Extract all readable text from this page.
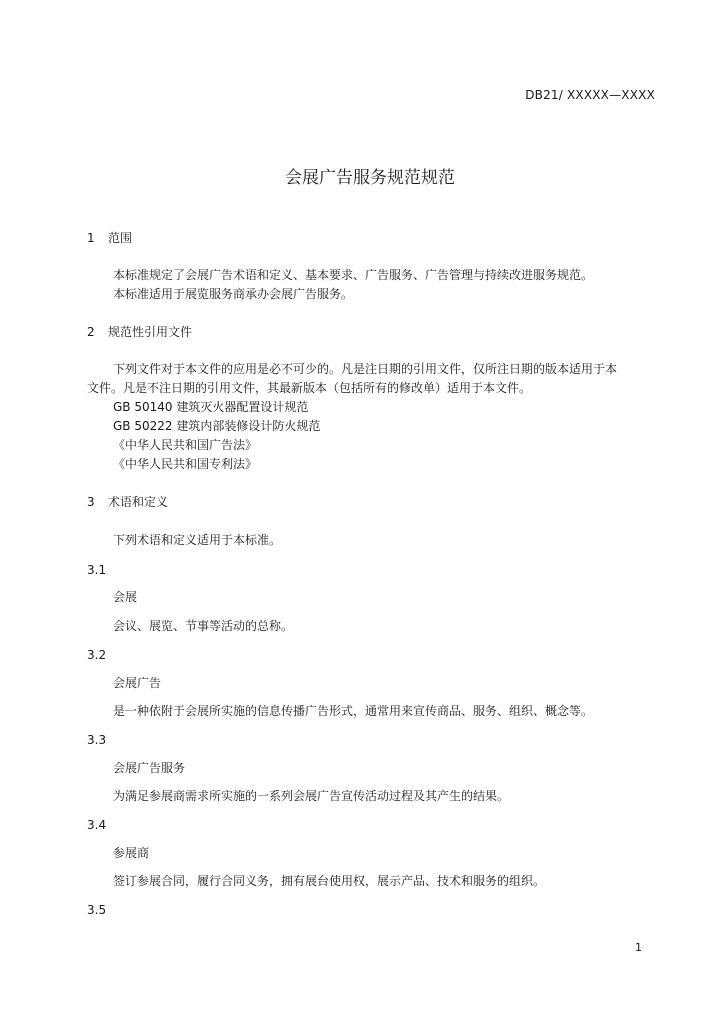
DB21/ XXXXX—XXXX
会展广告服务规范规范
1 范围
本标准规定了会展广告术语和定义、基本要求、广告服务、广告管理与持续改进服务规范。
本标准适用于展览服务商承办会展广告服务。
2 规范性引用文件
下列文件对于本文件的应用是必不可少的。凡是注日期的引用文件，仅所注日期的版本适用于本
文件。凡是不注日期的引用文件，其最新版本（包括所有的修改单）适用于本文件。
GB 50140 建筑灭火器配置设计规范
GB 50222 建筑内部装修设计防火规范
《中华人民共和国广告法》
《中华人民共和国专利法》
3 术语和定义
下列术语和定义适用于本标准。
3.1
会展
会议、展览、节事等活动的总称。
3.2
会展广告
是一种依附于会展所实施的信息传播广告形式，通常用来宣传商品、服务、组织、概念等。
3.3
会展广告服务
为满足参展商需求所实施的一系列会展广告宣传活动过程及其产生的结果。
3.4
参展商
签订参展合同，履行合同义务，拥有展台使用权，展示产品、技术和服务的组织。
3.5
1
